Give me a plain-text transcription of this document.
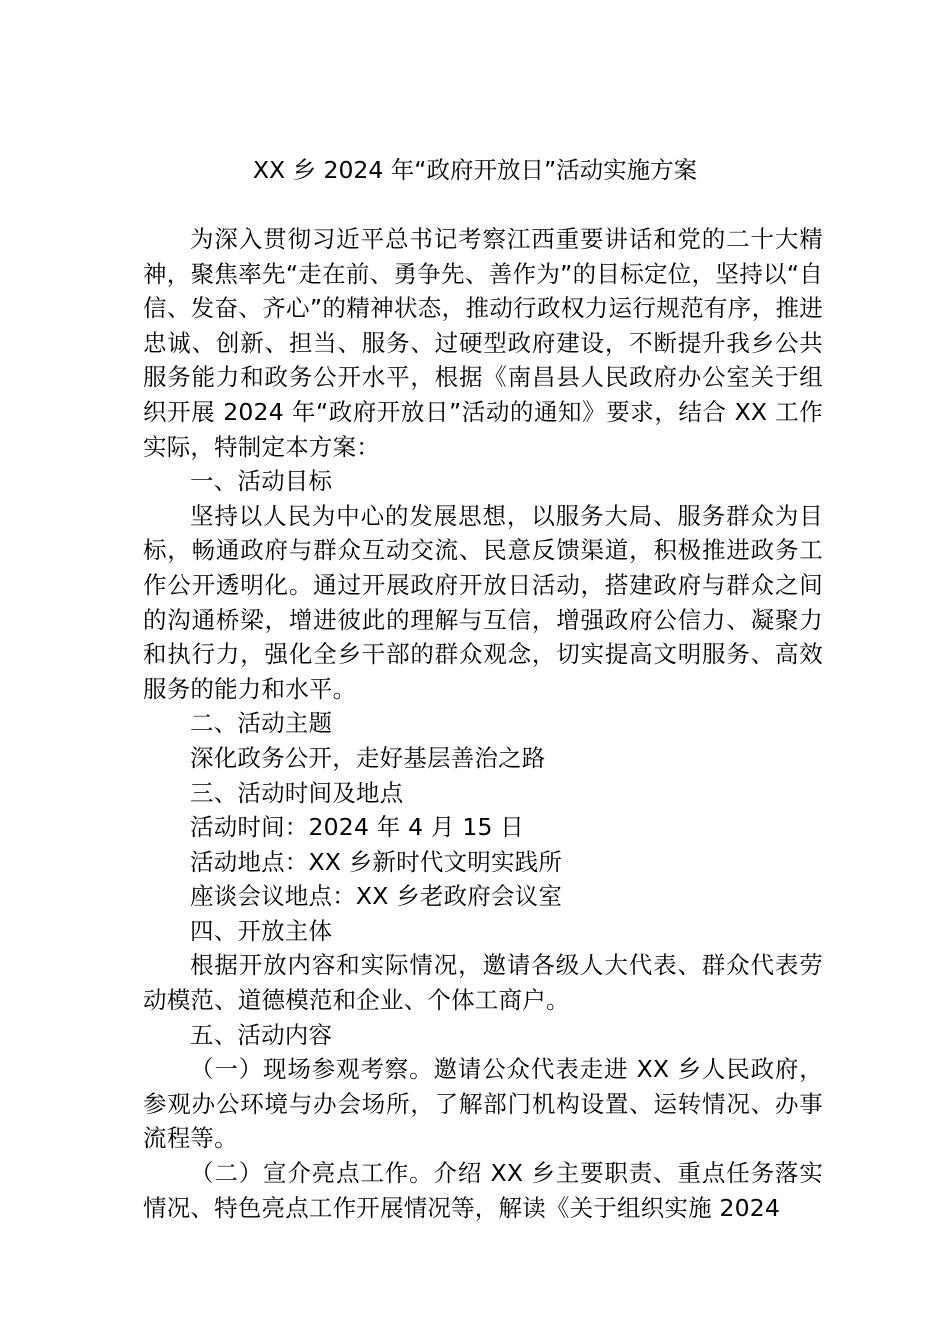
XX 乡 2024 年“政府开放日”活动实施方案

为深入贯彻习近平总书记考察江西重要讲话和党的二十大精神，聚焦率先“走在前、勇争先、善作为”的目标定位，坚持以“自信、发奋、齐心”的精神状态，推动行政权力运行规范有序，推进忠诚、创新、担当、服务、过硬型政府建设，不断提升我乡公共服务能力和政务公开水平，根据《南昌县人民政府办公室关于组织开展 2024 年“政府开放日”活动的通知》要求，结合 XX 工作实际，特制定本方案：

一、活动目标

坚持以人民为中心的发展思想，以服务大局、服务群众为目标，畅通政府与群众互动交流、民意反馈渠道，积极推进政务工作公开透明化。通过开展政府开放日活动，搭建政府与群众之间的沟通桥梁，增进彼此的理解与互信，增强政府公信力、凝聚力和执行力，强化全乡干部的群众观念，切实提高文明服务、高效服务的能力和水平。

二、活动主题

深化政务公开，走好基层善治之路

三、活动时间及地点

活动时间：2024 年 4 月 15 日

活动地点：XX 乡新时代文明实践所

座谈会议地点：XX 乡老政府会议室

四、开放主体

根据开放内容和实际情况，邀请各级人大代表、群众代表劳动模范、道德模范和企业、个体工商户。

五、活动内容

（一）现场参观考察。邀请公众代表走进 XX 乡人民政府，参观办公环境与办会场所，了解部门机构设置、运转情况、办事流程等。

（二）宣介亮点工作。介绍 XX 乡主要职责、重点任务落实情况、特色亮点工作开展情况等，解读《关于组织实施 2024
